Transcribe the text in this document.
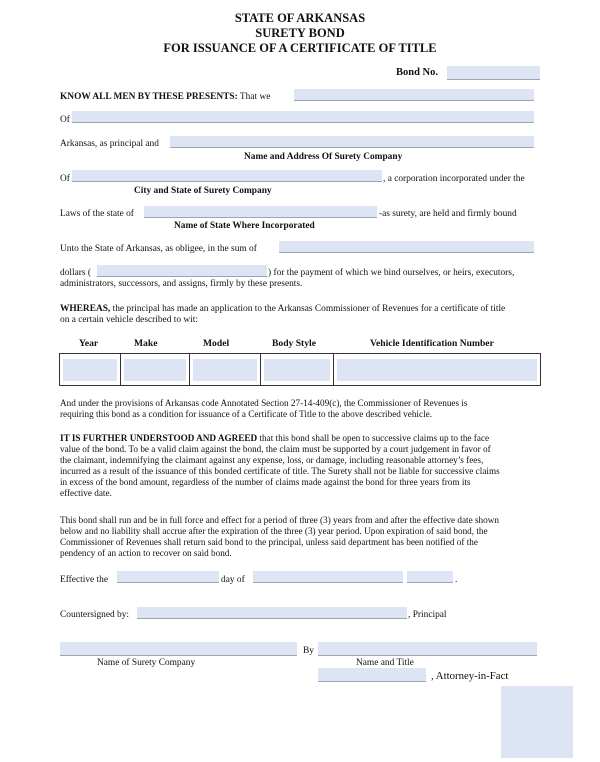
STATE OF ARKANSAS
SURETY BOND
FOR ISSUANCE OF A CERTIFICATE OF TITLE
Bond No.
KNOW ALL MEN BY THESE PRESENTS: That we
Of
Arkansas, as principal and
Name and Address Of Surety Company
Of	, a corporation incorporated under the
City and State of Surety Company
Laws of the state of	-as surety, are held and firmly bound
Name of State Where Incorporated
Unto the State of Arkansas, as obligee, in the sum of
dollars (	) for the payment of which we bind ourselves, or heirs, executors,
administrators, successors, and assigns, firmly by these presents.
WHEREAS, the principal has made an application to the Arkansas Commissioner of Revenues for a certificate of title
on a certain vehicle described to wit:
Year	Make	Model	Body Style	Vehicle Identification Number

And under the provisions of Arkansas code Annotated Section 27-14-409(c), the Commissioner of Revenues is
requiring this bond as a condition for issuance of a Certificate of Title to the above described vehicle.
IT IS FURTHER UNDERSTOOD AND AGREED that this bond shall be open to successive claims up to the face
value of the bond. To be a valid claim against the bond, the claim must be supported by a court judgement in favor of
the claimant, indemnifying the claimant against any expense, loss, or damage, including reasonable attorney’s fees,
incurred as a result of the issuance of this bonded certificate of title. The Surety shall not be liable for successive claims
in excess of the bond amount, regardless of the number of claims made against the bond for three years from its
effective date.
This bond shall run and be in full force and effect for a period of three (3) years from and after the effective date shown
below and no liability shall accrue after the expiration of the three (3) year period. Upon expiration of said bond, the
Commissioner of Revenues shall return said bond to the principal, unless said department has been notified of the
pendency of an action to recover on said bond.
Effective the	day of	.
Countersigned by:	, Principal
By
Name of Surety Company	Name and Title
, Attorney-in-Fact
